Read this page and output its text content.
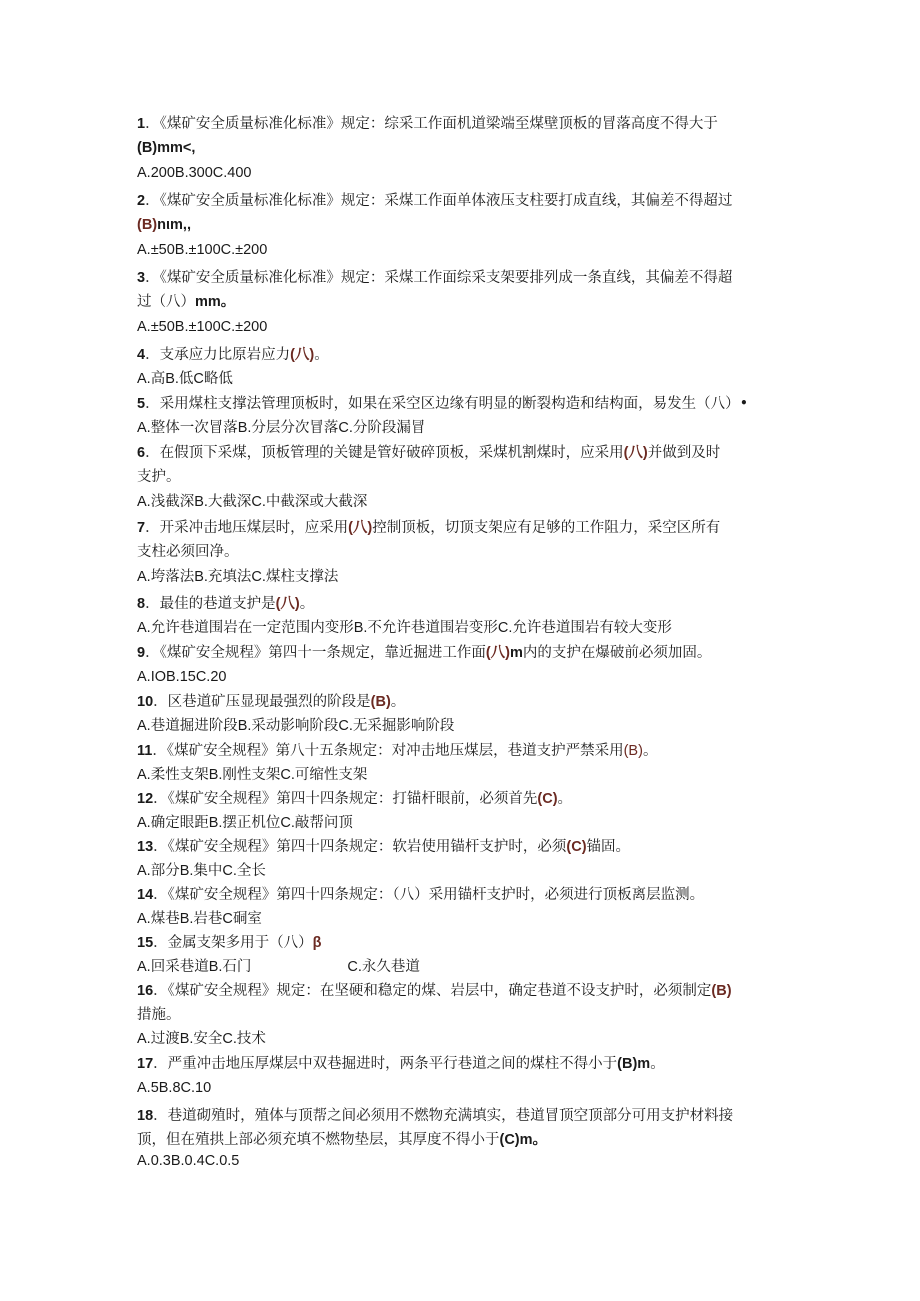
1．《煤矿安全质量标准化标准》规定：综采工作面机道梁端至煤壁顶板的冒落高度不得大于
(B)mm<,
A.200B.300C.400
2．《煤矿安全质量标准化标准》规定：采煤工作面单体液压支柱要打成直线，其偏差不得超过
(B)nιm,,
A.±50B.±100C.±200
3．《煤矿安全质量标准化标准》规定：采煤工作面综采支架要排列成一条直线，其偏差不得超
过（八）mm。
A.±50B.±100C.±200
4．支承应力比原岩应力(八)。
A.高B.低C略低
5．采用煤柱支撑法管理顶板时，如果在采空区边缘有明显的断裂构造和结构面，易发生（八）•
A.整体一次冒落B.分层分次冒落C.分阶段漏冒
6．在假顶下采煤，顶板管理的关键是管好破碎顶板，采煤机割煤时，应采用(八)并做到及时
支护。
A.浅截深B.大截深C.中截深或大截深
7．开采冲击地压煤层时，应采用(八)控制顶板，切顶支架应有足够的工作阻力，采空区所有
支柱必须回净。
A.垮落法B.充填法C.煤柱支撑法
8．最佳的巷道支护是(八)。
A.允许巷道围岩在一定范围内变形B.不允许巷道围岩变形C.允许巷道围岩有较大变形
9．《煤矿安全规程》第四十一条规定，靠近掘进工作面(八)m内的支护在爆破前必须加固。
A.IOB.15C.20
10．区巷道矿压显现最强烈的阶段是(B)。
A.巷道掘进阶段B.采动影响阶段C.无采掘影响阶段
11．《煤矿安全规程》第八十五条规定：对冲击地压煤层，巷道支护严禁采用(B)。
A.柔性支架B.刚性支架C.可缩性支架
12．《煤矿安全规程》第四十四条规定：打锚杆眼前，必须首先(C)。
A.确定眼距B.摆正机位C.敲帮问顶
13．《煤矿安全规程》第四十四条规定：软岩使用锚杆支护时，必须(C)锚固。
A.部分B.集中C.全长
14．《煤矿安全规程》第四十四条规定：（八）采用锚杆支护时，必须进行顶板离层监测。
A.煤巷B.岩巷C硐室
15．金属支架多用于（八）β
A.回采巷道B.石门	C.永久巷道
16．《煤矿安全规程》规定：在坚硬和稳定的煤、岩层中，确定巷道不设支护时，必须制定(B)
措施。
A.过渡B.安全C.技术
17．严重冲击地压厚煤层中双巷掘进时，两条平行巷道之间的煤柱不得小于(B)m。
A.5B.8C.10
18．巷道砌殖时，殖体与顶帮之间必须用不燃物充满填实，巷道冒顶空顶部分可用支护材料接
顶，但在殖拱上部必须充填不燃物垫层，其厚度不得小于(C)m。
A.0.3B.0.4C.0.5
